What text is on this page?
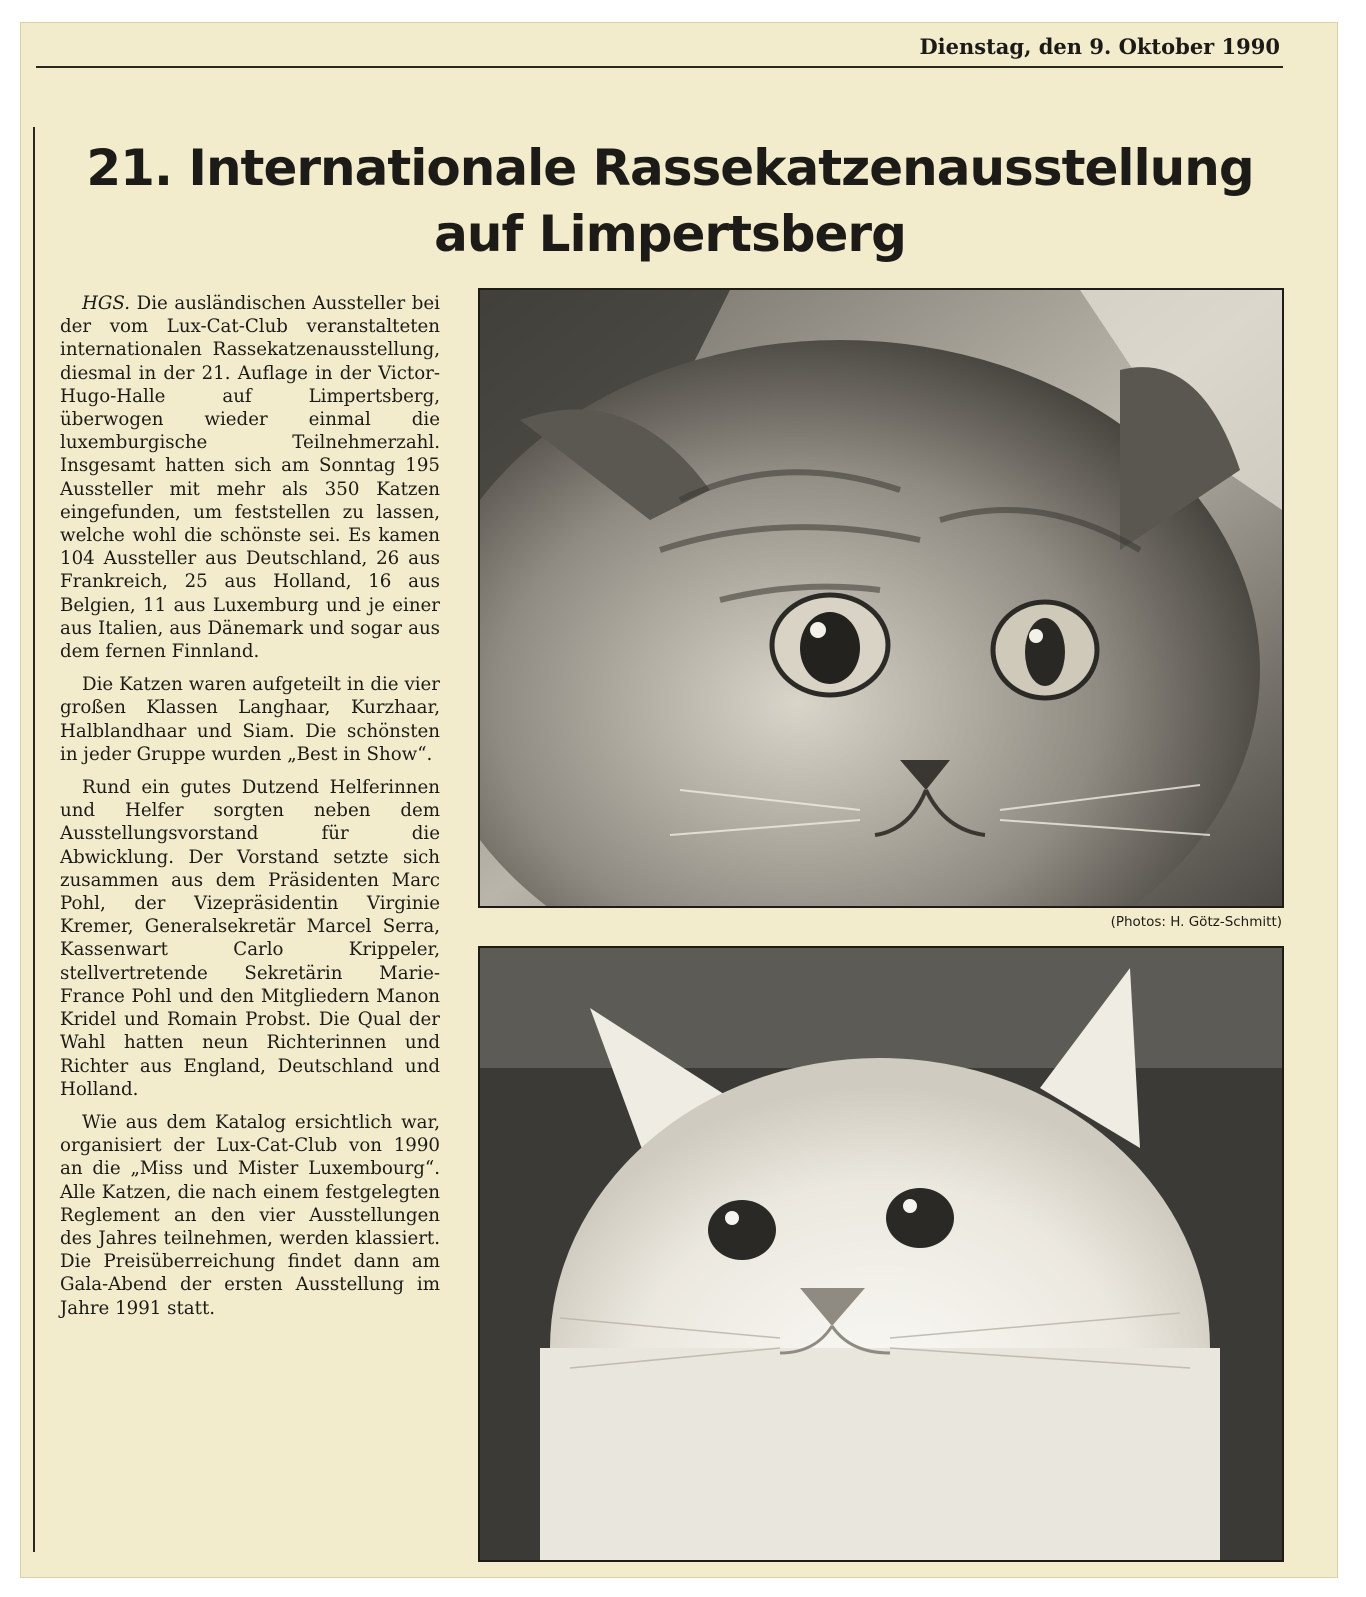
Dienstag, den 9. Oktober 1990
21. Internationale Rassekatzenausstellung
auf Limpertsberg

HGS. Die ausländischen Aussteller bei der vom Lux-Cat-Club veranstalteten internationalen Rassekatzenausstellung, diesmal in der 21. Auflage in der Victor-Hugo-Halle auf Limpertsberg, überwogen wieder einmal die luxemburgische Teilnehmerzahl. Insgesamt hatten sich am Sonntag 195 Aussteller mit mehr als 350 Katzen eingefunden, um feststellen zu lassen, welche wohl die schönste sei. Es kamen 104 Aussteller aus Deutschland, 26 aus Frankreich, 25 aus Holland, 16 aus Belgien, 11 aus Luxemburg und je einer aus Italien, aus Dänemark und sogar aus dem fernen Finnland.

Die Katzen waren aufgeteilt in die vier großen Klassen Langhaar, Kurzhaar, Halblandhaar und Siam. Die schönsten in jeder Gruppe wurden „Best in Show“.

Rund ein gutes Dutzend Helferinnen und Helfer sorgten neben dem Ausstellungsvorstand für die Abwicklung. Der Vorstand setzte sich zusammen aus dem Präsidenten Marc Pohl, der Vizepräsidentin Virginie Kremer, Generalsekretär Marcel Serra, Kassenwart Carlo Krippeler, stellvertretende Sekretärin Marie-France Pohl und den Mitgliedern Manon Kridel und Romain Probst. Die Qual der Wahl hatten neun Richterinnen und Richter aus England, Deutschland und Holland.

Wie aus dem Katalog ersichtlich war, organisiert der Lux-Cat-Club von 1990 an die „Miss und Mister Luxembourg“. Alle Katzen, die nach einem festgelegten Reglement an den vier Ausstellungen des Jahres teilnehmen, werden klassiert. Die Preisüberreichung findet dann am Gala-Abend der ersten Ausstellung im Jahre 1991 statt.

(Photos: H. Götz-Schmitt)
